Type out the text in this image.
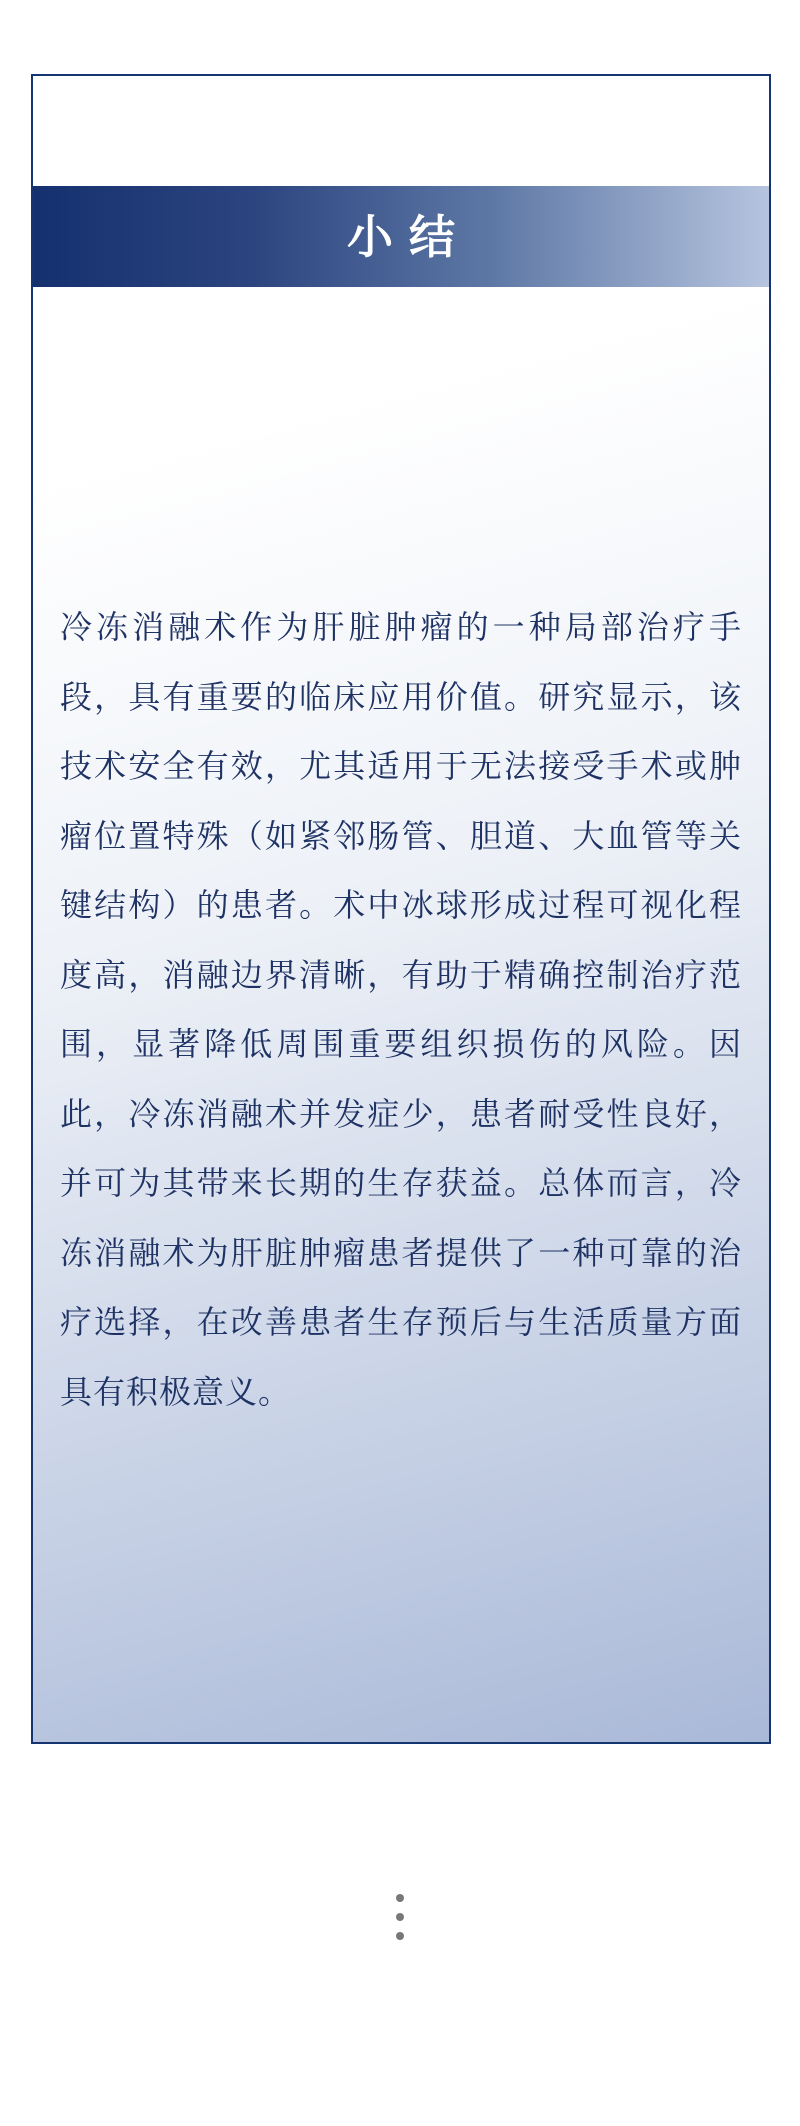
小结

冷冻消融术作为肝脏肿瘤的一种局部治疗手段，具有重要的临床应用价值。研究显示，该技术安全有效，尤其适用于无法接受手术或肿瘤位置特殊（如紧邻肠管、胆道、大血管等关键结构）的患者。术中冰球形成过程可视化程度高，消融边界清晰，有助于精确控制治疗范围，显著降低周围重要组织损伤的风险。因此，冷冻消融术并发症少，患者耐受性良好，并可为其带来长期的生存获益。总体而言，冷冻消融术为肝脏肿瘤患者提供了一种可靠的治疗选择，在改善患者生存预后与生活质量方面具有积极意义。
